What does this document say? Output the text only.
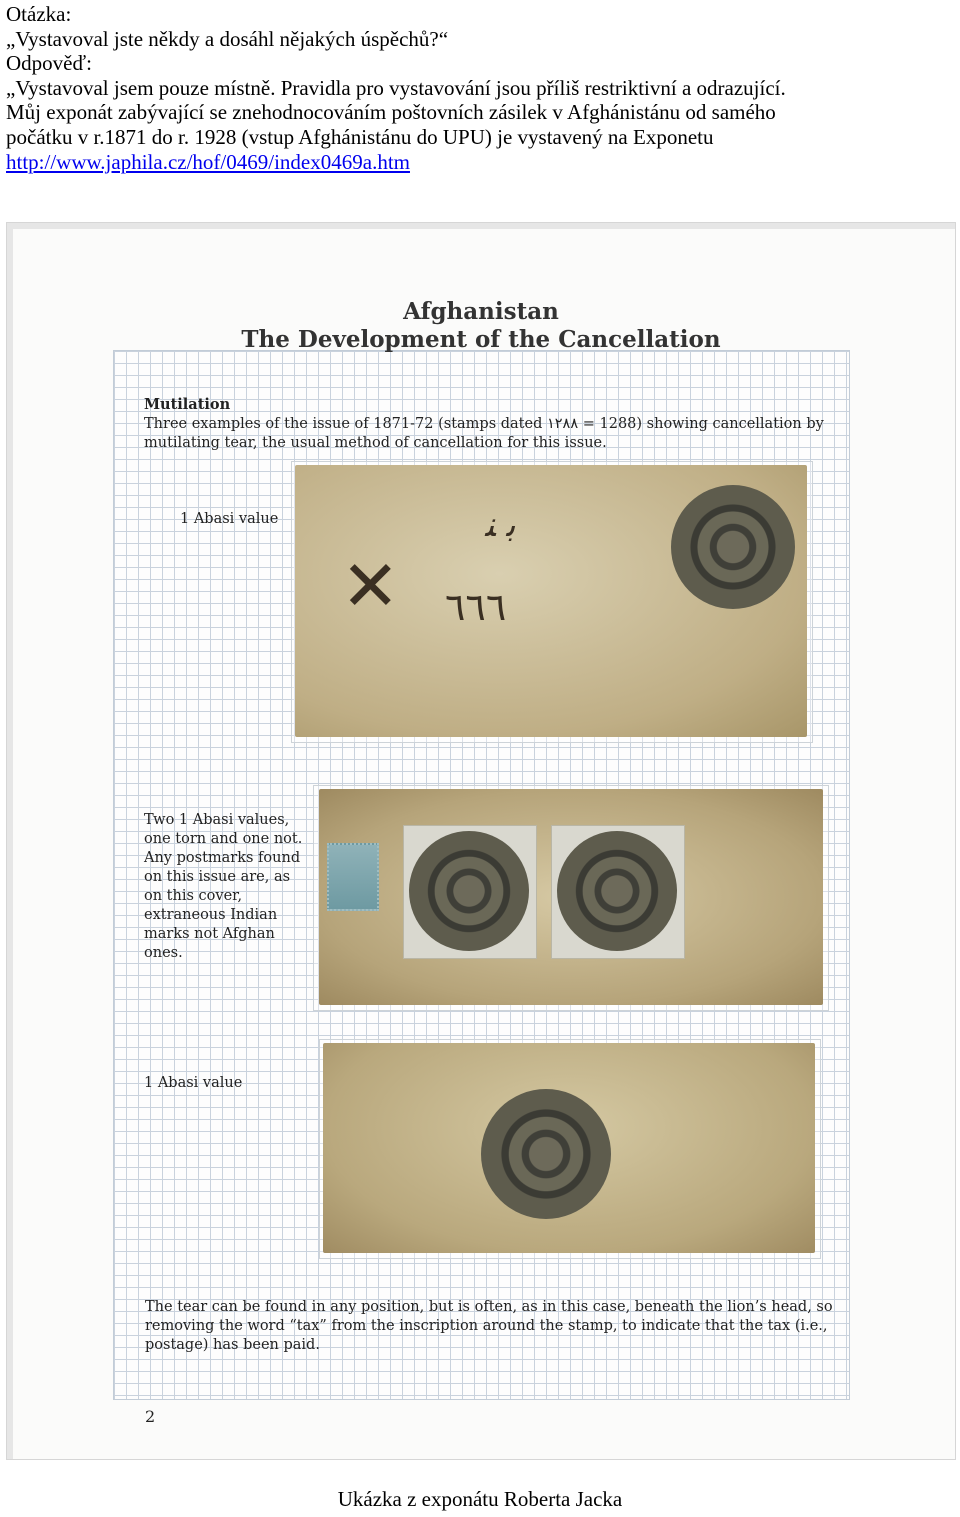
Otázka:
„Vystavoval jste někdy a dosáhl nějakých úspěchů?“
Odpověď:
„Vystavoval jsem pouze místně. Pravidla pro vystavování jsou příliš restriktivní a odrazující.
Můj exponát zabývající se znehodnocováním poštovních zásilek v Afghánistánu od samého
počátku v r.1871 do r. 1928 (vstup Afghánistánu do UPU) je vystavený na Exponetu
http://www.japhila.cz/hof/0469/index0469a.htm
Afghanistan
The Development of the Cancellation
Mutilation
Three examples of the issue of 1871-72 (stamps dated ١٢٨٨ = 1288) showing cancellation by
mutilating tear, the usual method of cancellation for this issue.
ﺑ ﻨ
✕ ٦٦٦
1 Abasi value
Two 1 Abasi values,
one torn and one not.
Any postmarks found
on this issue are, as
on this cover,
extraneous Indian
marks not Afghan
ones.
1 Abasi value
The tear can be found in any position, but is often, as in this case, beneath the lion’s head, so
removing the word “tax” from the inscription around the stamp, to indicate that the tax (i.e.,
postage) has been paid.
2
Ukázka z exponátu Roberta Jacka
